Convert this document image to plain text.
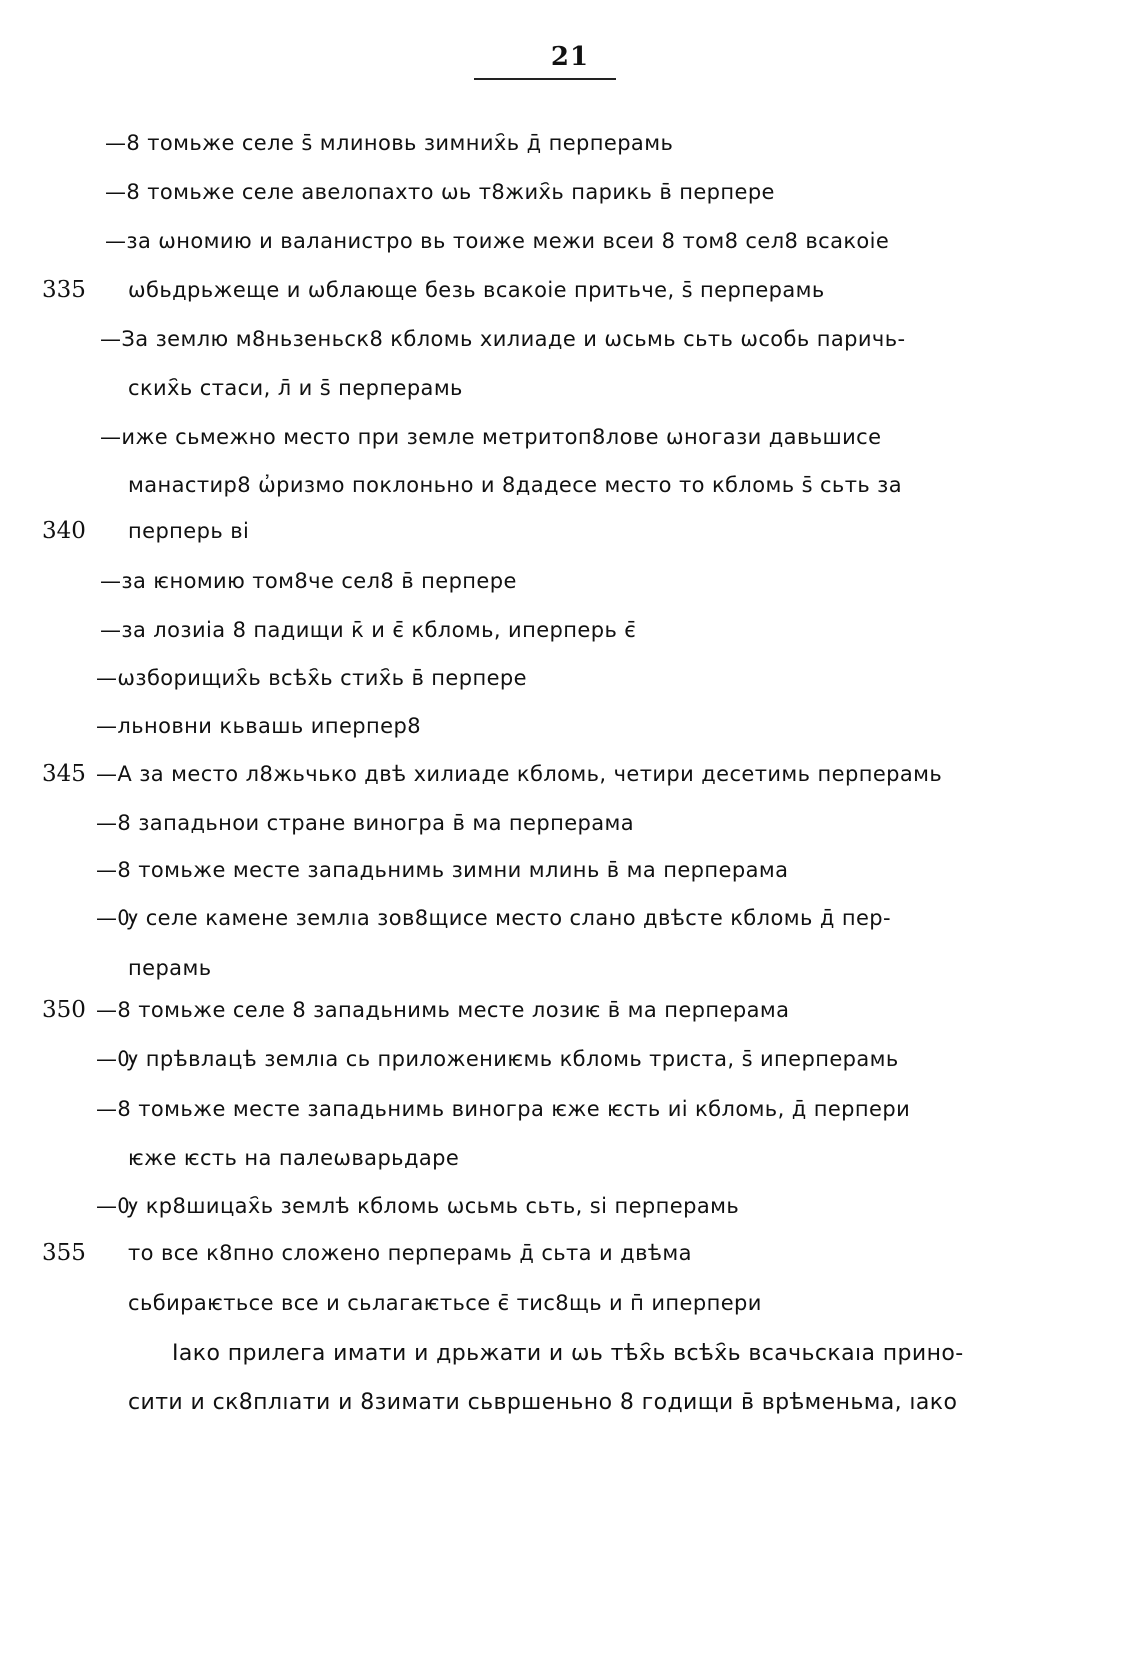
21
—8 томьже селе ѕ̄ млиновь зимних҄ь д̄ перперамь
—8 томьже селе авелопахто ѡь т8жих҄ь парикь в̄ перпере
—за ѡномию и валанистро вь тоиже межи всеи 8 том8 сел8 всакоіе
335	ѡбьдрьжеще и ѡблающе безь всакоіе притьче, ѕ̄ перперамь
—За землю м8ньзеньск8 кбломь хилиаде и ѡсьмь сьть ѡсобь паричь-
ских҄ь стаси, л̄ и ѕ̄ перперамь
—иже сьмежно место при земле метритоп8лове ѡногази давьшисе
манастир8 ѡ҆ризмо поклоньно и 8дадесе место то кбломь ѕ̄ сьть за
340	перперь ві
—за ѥномию том8че сел8 в̄ перпере
—за лозиіа 8 падищи к̄ и є̄ кбломь, иперперь є̄
—ѡзборищих҄ь всѣх҄ь стих҄ь в̄ перпере
—льновни кьвашь иперпер8
345 —А за место л8жьчько двѣ хилиаде кбломь, четири десетимь перперамь
—8 западьнои стране виногра в̄ ма перперама
—8 томьже месте западьнимь зимни млинь в̄ ма перперама
—Ѹ селе камене землıа зов8щисе место слано двѣсте кбломь д̄ пер-
перамь
350 —8 томьже селе 8 западьнимь месте лозиѥ в̄ ма перперама
—Ѹ прѣвлацѣ землıа сь приложениѥмь кбломь триста, ѕ̄ иперперамь
—8 томьже месте западьнимь виногра ѥже ѥсть иі кбломь, д̄ перпери
ѥже ѥсть на палеѡварьдаре
—Ѹ кр8шицах҄ь землѣ кбломь ѡсьмь сьть, ѕі перперамь
355	то все к8пно сложено перперамь д̄ сьта и двѣма
сьбираѥтьсе все и сьлагаѥтьсе є̄ тис8щь и п̄ иперпери
Iако прилега имати и дрьжати и ѡь тѣх҄ь всѣх҄ь всачьскаıа прино-
сити и ск8плıати и 8зимати сьвршеньно 8 годищи в̄ врѣменьма, ıако
